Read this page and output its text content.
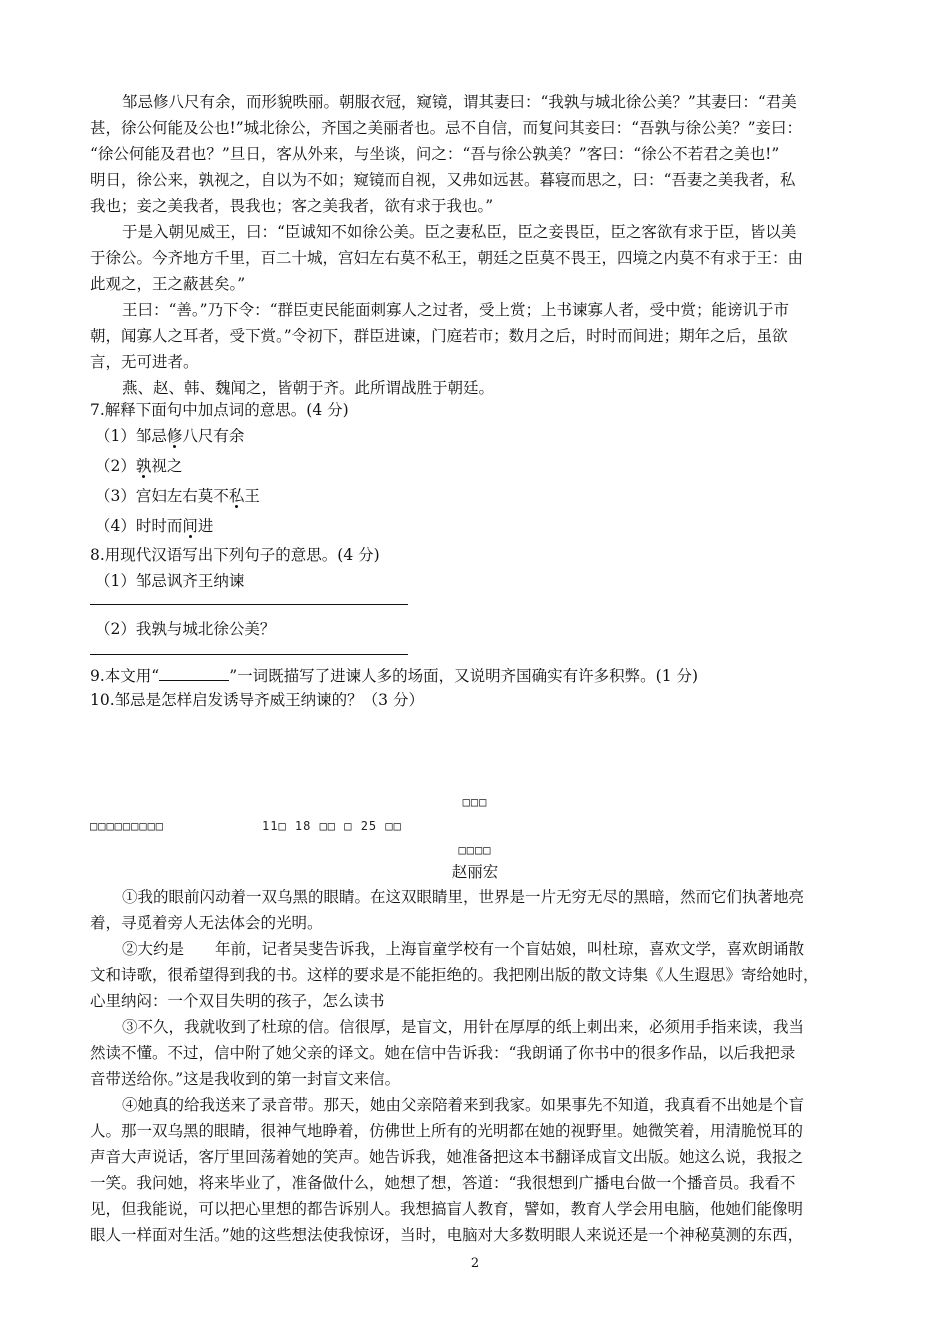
邹忌修八尺有余，而形貌昳丽。朝服衣冠，窥镜，谓其妻曰：“我孰与城北徐公美？”其妻曰：“君美
甚，徐公何能及公也!”城北徐公，齐国之美丽者也。忌不自信，而复问其妾曰：“吾孰与徐公美？”妾曰：
“徐公何能及君也？”旦日，客从外来，与坐谈，问之：“吾与徐公孰美？”客曰：“徐公不若君之美也!”
明日，徐公来，孰视之，自以为不如；窥镜而自视，又弗如远甚。暮寝而思之，曰：“吾妻之美我者，私
我也；妾之美我者，畏我也；客之美我者，欲有求于我也。”
于是入朝见威王，曰：“臣诚知不如徐公美。臣之妻私臣，臣之妾畏臣，臣之客欲有求于臣，皆以美
于徐公。今齐地方千里，百二十城，宫妇左右莫不私王，朝廷之臣莫不畏王，四境之内莫不有求于王：由
此观之，王之蔽甚矣。”
王曰：“善。”乃下令：“群臣吏民能面刺寡人之过者，受上赏；上书谏寡人者，受中赏；能谤讥于市
朝，闻寡人之耳者，受下赏。”令初下，群臣进谏，门庭若市；数月之后，时时而间进；期年之后，虽欲
言，无可进者。
燕、赵、韩、魏闻之，皆朝于齐。此所谓战胜于朝廷。
7.解释下面句中加点词的意思。(4 分)
（1）邹忌修八尺有余
（2）孰视之
（3）宫妇左右莫不私王
（4）时时而间进
8.用现代汉语写出下列句子的意思。(4 分)
（1）邹忌讽齐王纳谏
（2）我孰与城北徐公美？
9.本文用“	”一词既描写了进谏人多的场面，又说明齐国确实有许多积弊。(1 分)
10.邹忌是怎样启发诱导齐威王纳谏的？（3 分）
□□□
□□□□□□□□□	11□ 18 □□ □ 25 □□
□□□□
赵丽宏
①我的眼前闪动着一双乌黑的眼睛。在这双眼睛里，世界是一片无穷无尽的黑暗，然而它们执著地亮
着，寻觅着旁人无法体会的光明。
②大约是　　年前，记者吴斐告诉我，上海盲童学校有一个盲姑娘，叫杜琼，喜欢文学，喜欢朗诵散
文和诗歌，很希望得到我的书。这样的要求是不能拒绝的。我把刚出版的散文诗集《人生遐思》寄给她时，
心里纳闷：一个双目失明的孩子，怎么读书
③不久，我就收到了杜琼的信。信很厚，是盲文，用针在厚厚的纸上刺出来，必须用手指来读，我当
然读不懂。不过，信中附了她父亲的译文。她在信中告诉我：“我朗诵了你书中的很多作品，以后我把录
音带送给你。”这是我收到的第一封盲文来信。
④她真的给我送来了录音带。那天，她由父亲陪着来到我家。如果事先不知道，我真看不出她是个盲
人。那一双乌黑的眼睛，很神气地睁着，仿佛世上所有的光明都在她的视野里。她微笑着，用清脆悦耳的
声音大声说话，客厅里回荡着她的笑声。她告诉我，她准备把这本书翻译成盲文出版。她这么说，我报之
一笑。我问她，将来毕业了，准备做什么，她想了想，答道：“我很想到广播电台做一个播音员。我看不
见，但我能说，可以把心里想的都告诉别人。我想搞盲人教育，譬如，教育人学会用电脑，他她们能像明
眼人一样面对生活。”她的这些想法使我惊讶，当时，电脑对大多数明眼人来说还是一个神秘莫测的东西，
2
